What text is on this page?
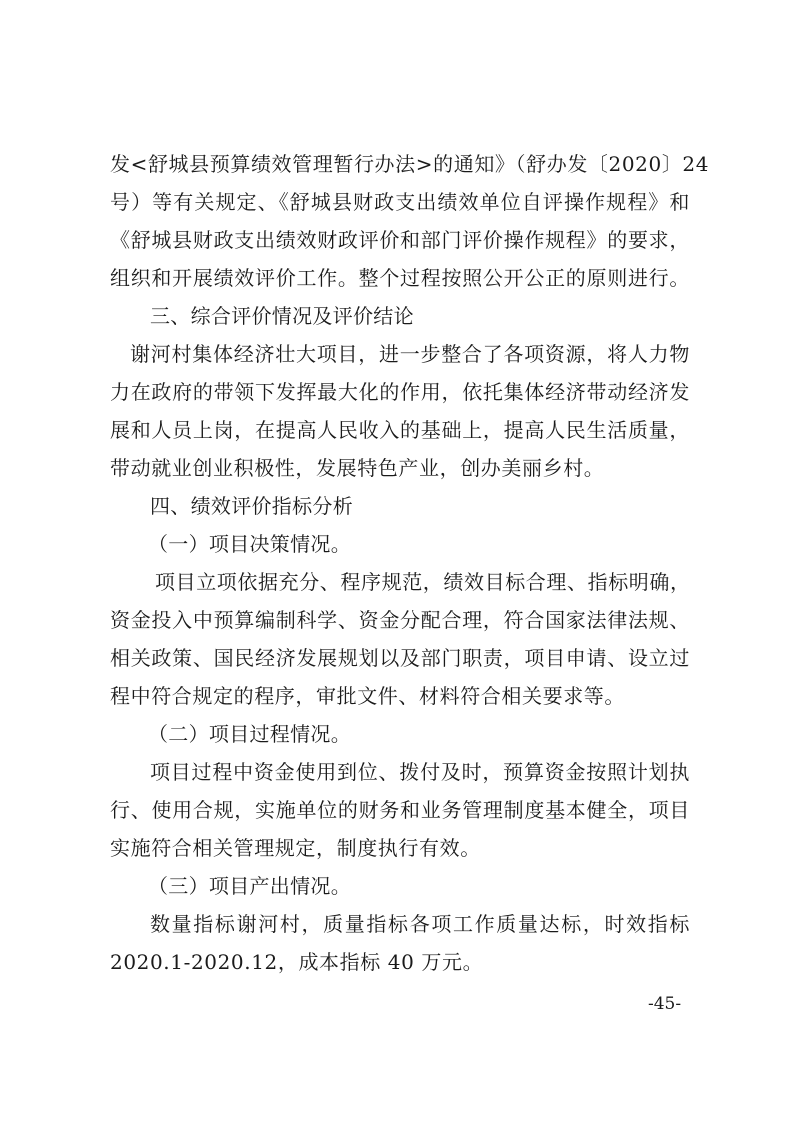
发<舒城县预算绩效管理暂行办法>的通知》（舒办发〔2020〕24
号）等有关规定、《舒城县财政支出绩效单位自评操作规程》和
《舒城县财政支出绩效财政评价和部门评价操作规程》的要求，
组织和开展绩效评价工作。整个过程按照公开公正的原则进行。
三、综合评价情况及评价结论
谢河村集体经济壮大项目，进一步整合了各项资源，将人力物
力在政府的带领下发挥最大化的作用，依托集体经济带动经济发
展和人员上岗，在提高人民收入的基础上，提高人民生活质量，
带动就业创业积极性，发展特色产业，创办美丽乡村。
四、绩效评价指标分析
（一）项目决策情况。
项目立项依据充分、程序规范，绩效目标合理、指标明确，
资金投入中预算编制科学、资金分配合理，符合国家法律法规、
相关政策、国民经济发展规划以及部门职责，项目申请、设立过
程中符合规定的程序，审批文件、材料符合相关要求等。
（二）项目过程情况。
项目过程中资金使用到位、拨付及时，预算资金按照计划执
行、使用合规，实施单位的财务和业务管理制度基本健全，项目
实施符合相关管理规定，制度执行有效。
（三）项目产出情况。
数量指标谢河村，质量指标各项工作质量达标，时效指标
2020.1-2020.12，成本指标 40 万元。
-45-
